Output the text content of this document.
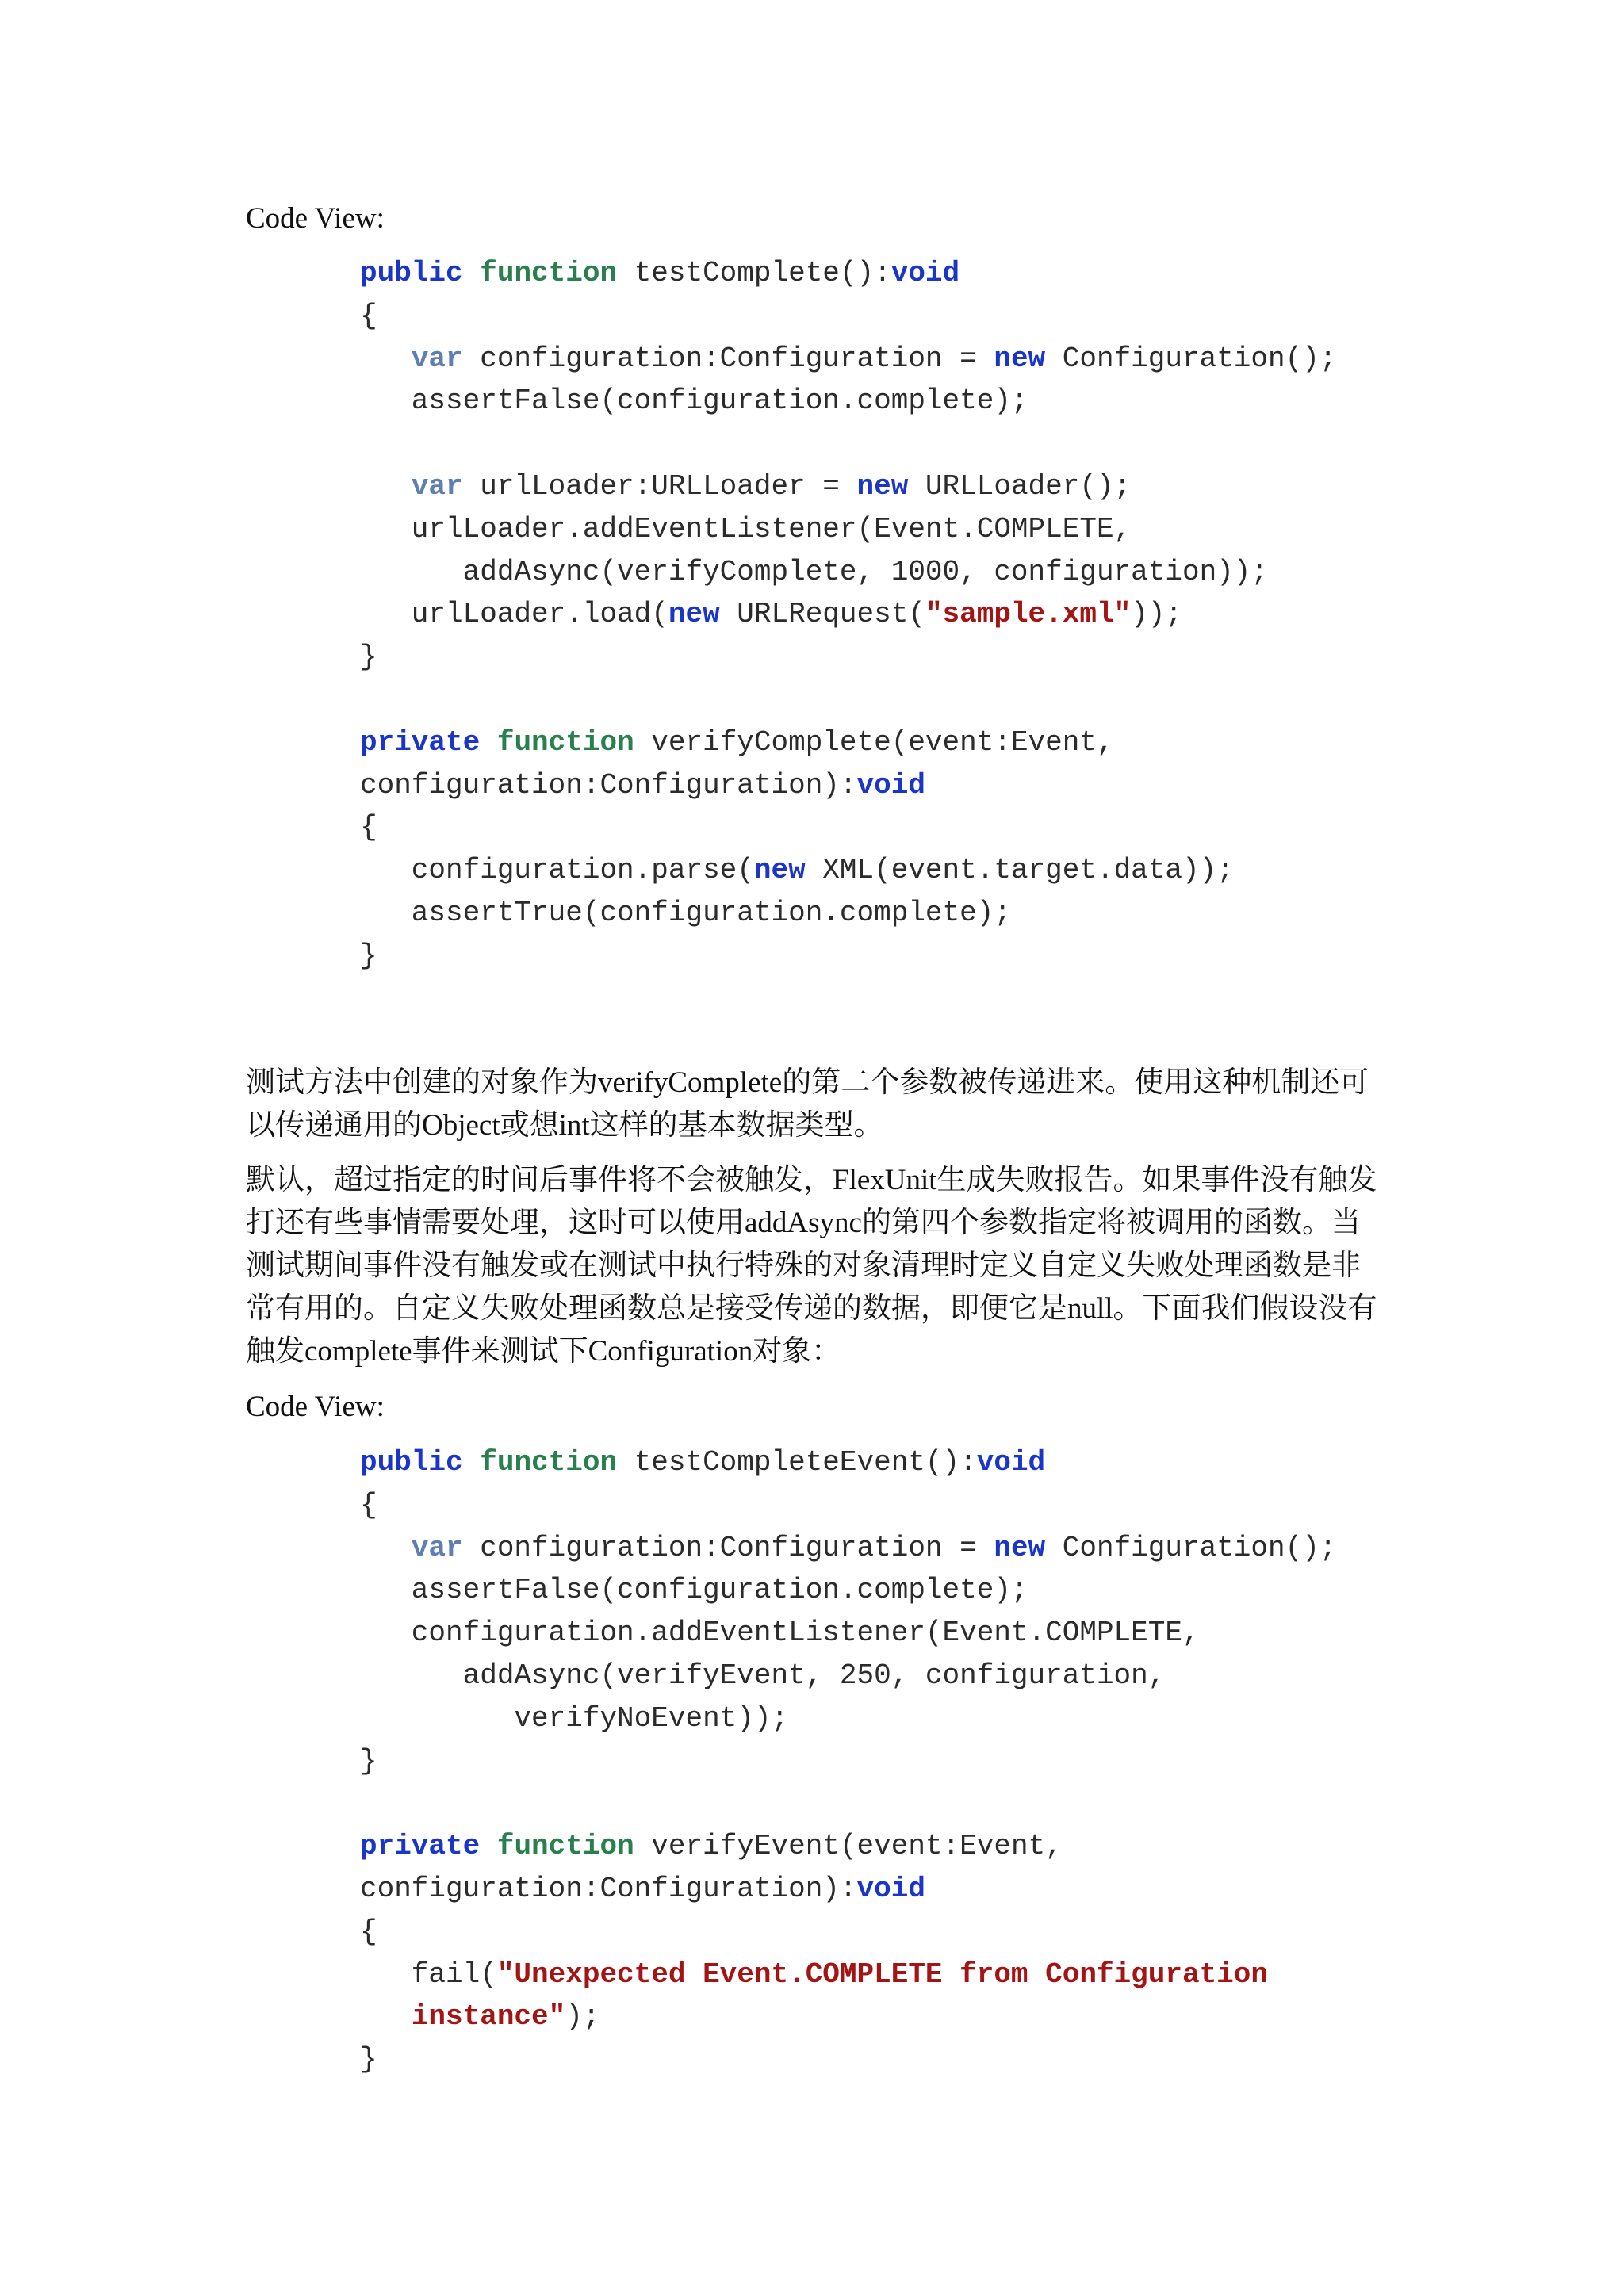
Code View:
public function testComplete():void
{
var configuration:Configuration = new Configuration();
assertFalse(configuration.complete);
var urlLoader:URLLoader = new URLLoader();
urlLoader.addEventListener(Event.COMPLETE,
addAsync(verifyComplete, 1000, configuration));
urlLoader.load(new URLRequest("sample.xml"));
}
private function verifyComplete(event:Event,
configuration:Configuration):void
{
configuration.parse(new XML(event.target.data));
assertTrue(configuration.complete);
}

测试方法中创建的对象作为verifyComplete的第二个参数被传递进来。使用这种机制还可以传递通用的Object或想int这样的基本数据类型。

默认，超过指定的时间后事件将不会被触发，FlexUnit生成失败报告。如果事件没有触发打还有些事情需要处理，这时可以使用addAsync的第四个参数指定将被调用的函数。当测试期间事件没有触发或在测试中执行特殊的对象清理时定义自定义失败处理函数是非常有用的。自定义失败处理函数总是接受传递的数据，即便它是null。下面我们假设没有触发complete事件来测试下Configuration对象：

Code View:
public function testCompleteEvent():void
{
var configuration:Configuration = new Configuration();
assertFalse(configuration.complete);
configuration.addEventListener(Event.COMPLETE,
addAsync(verifyEvent, 250, configuration,
verifyNoEvent));
}
private function verifyEvent(event:Event,
configuration:Configuration):void
{
fail("Unexpected Event.COMPLETE from Configuration
instance");
}
